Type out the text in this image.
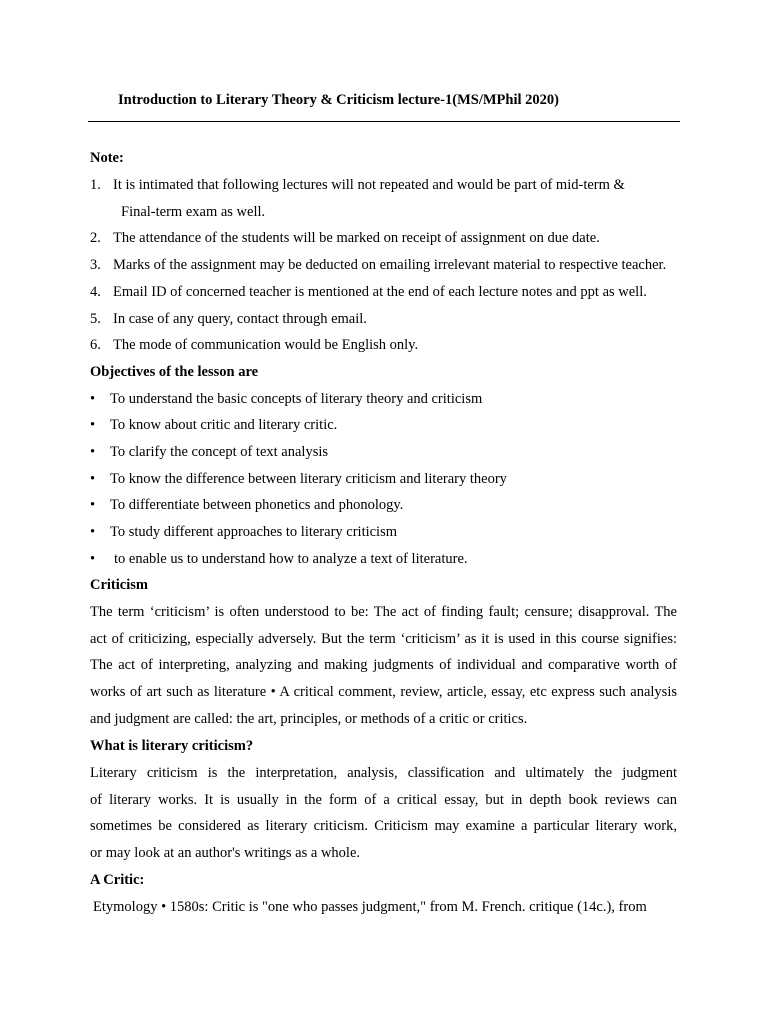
Introduction to Literary Theory & Criticism lecture-1(MS/MPhil 2020)
Note:
1. It is intimated that following lectures will not repeated and would be part of mid-term &
Final-term exam as well.
2. The attendance of the students will be marked on receipt of assignment on due date.
3. Marks of the assignment may be deducted on emailing irrelevant material to respective teacher.
4. Email ID of concerned teacher is mentioned at the end of each lecture notes and ppt as well.
5. In case of any query, contact through email.
6. The mode of communication would be English only.
Objectives of the lesson are
• To understand the basic concepts of literary theory and criticism
• To know about critic and literary critic.
• To clarify the concept of text analysis
• To know the difference between literary criticism and literary theory
• To differentiate between phonetics and phonology.
• To study different approaches to literary criticism
• to enable us to understand how to analyze a text of literature.
Criticism
The term ‘criticism’ is often understood to be: The act of finding fault; censure; disapproval. The
act of criticizing, especially adversely. But the term ‘criticism’ as it is used in this course signifies:
The act of interpreting, analyzing and making judgments of individual and comparative worth of
works of art such as literature • A critical comment, review, article, essay, etc express such analysis
and judgment are called: the art, principles, or methods of a critic or critics.
What is literary criticism?
Literary criticism is the interpretation, analysis, classification and ultimately the judgment
of literary works. It is usually in the form of a critical essay, but in depth book reviews can
sometimes be considered as literary criticism. Criticism may examine a particular literary work,
or may look at an author's writings as a whole.
A Critic:
Etymology • 1580s: Critic is "one who passes judgment," from M. French. critique (14c.), from
